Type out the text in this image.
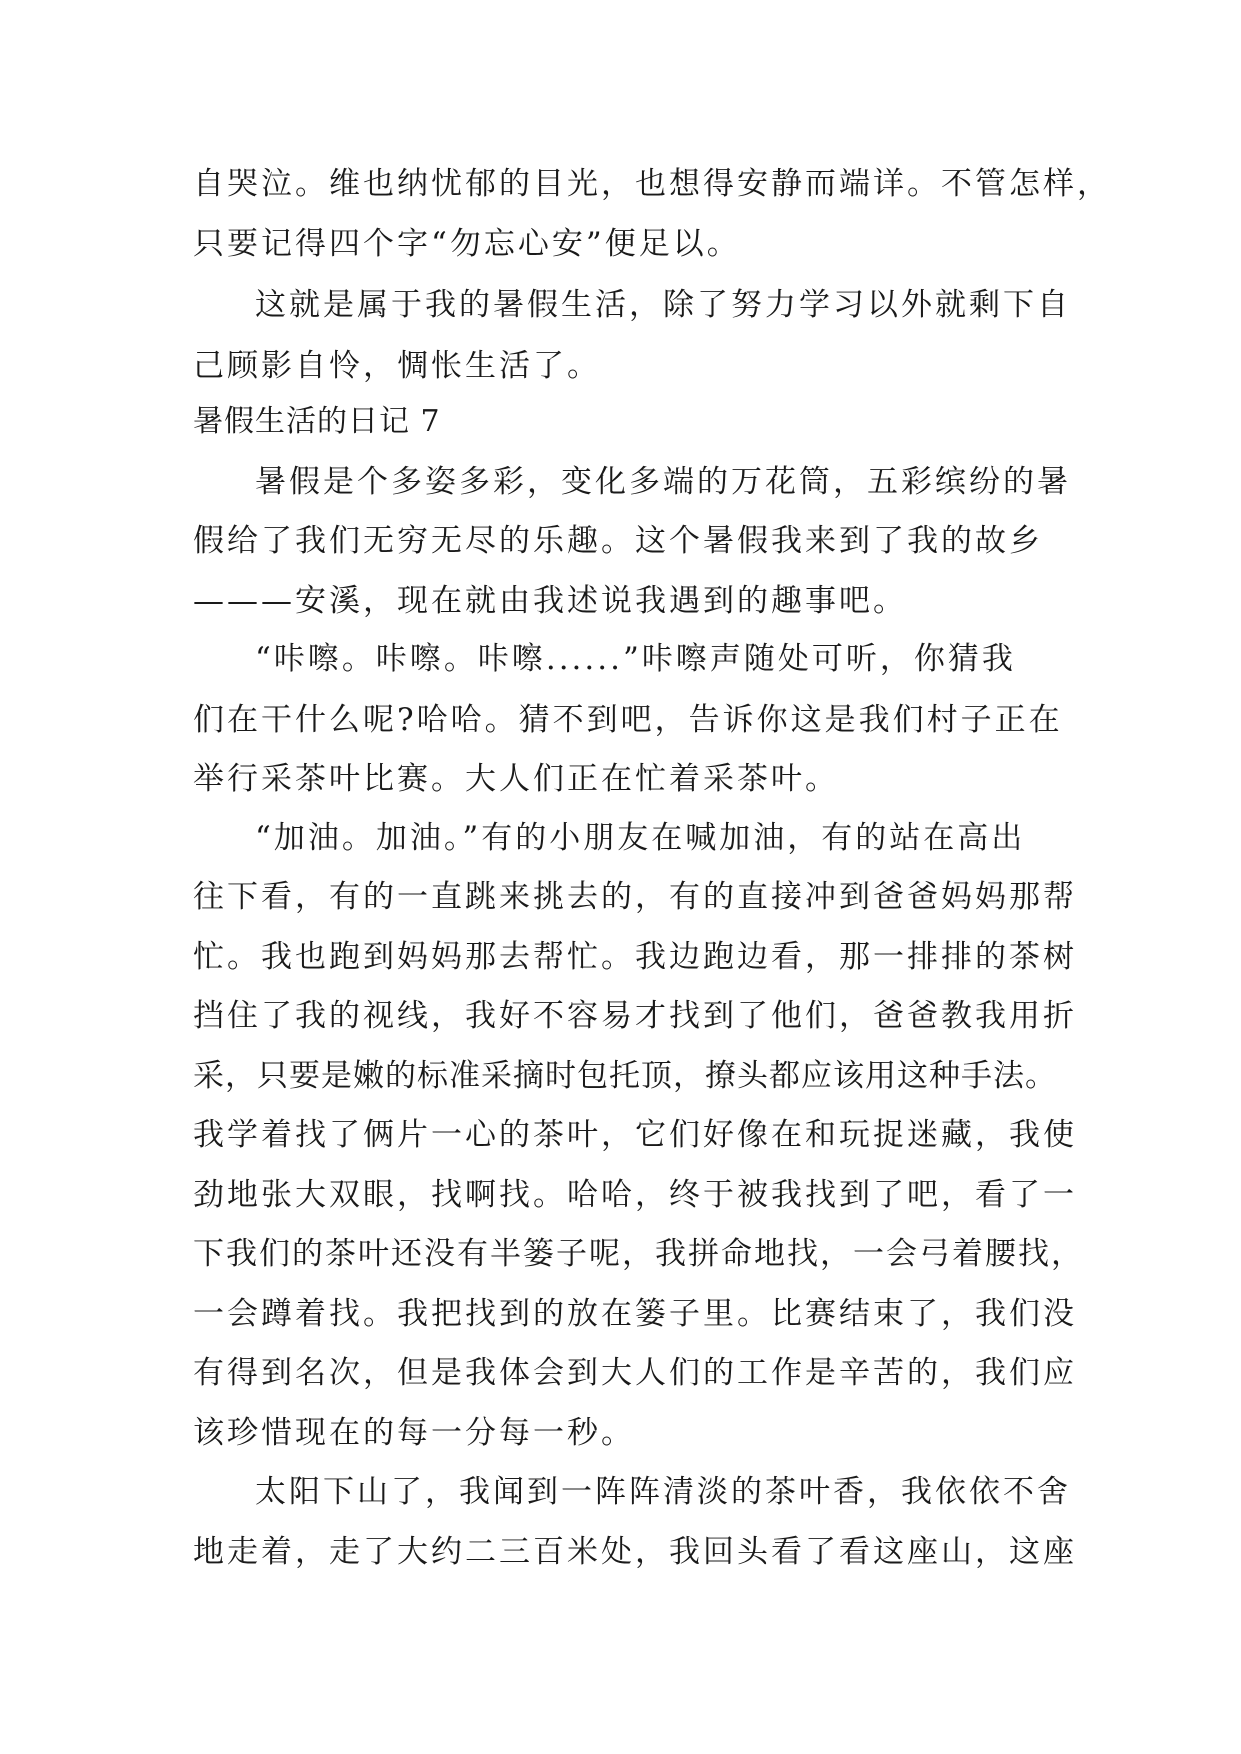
自哭泣。维也纳忧郁的目光，也想得安静而端详。不管怎样，
只要记得四个字“勿忘心安”便足以。
这就是属于我的暑假生活，除了努力学习以外就剩下自
己顾影自怜，惆怅生活了。
暑假生活的日记 7
暑假是个多姿多彩，变化多端的万花筒，五彩缤纷的暑
假给了我们无穷无尽的乐趣。这个暑假我来到了我的故乡
———安溪，现在就由我述说我遇到的趣事吧。
“咔嚓。咔嚓。咔嚓......”咔嚓声随处可听，你猜我
们在干什么呢?哈哈。猜不到吧，告诉你这是我们村子正在
举行采茶叶比赛。大人们正在忙着采茶叶。
“加油。加油。”有的小朋友在喊加油，有的站在高出
往下看，有的一直跳来挑去的，有的直接冲到爸爸妈妈那帮
忙。我也跑到妈妈那去帮忙。我边跑边看，那一排排的茶树
挡住了我的视线，我好不容易才找到了他们，爸爸教我用折
采，只要是嫩的标准采摘时包托顶，撩头都应该用这种手法。
我学着找了俩片一心的茶叶，它们好像在和玩捉迷藏，我使
劲地张大双眼，找啊找。哈哈，终于被我找到了吧，看了一
下我们的茶叶还没有半篓子呢，我拼命地找，一会弓着腰找，
一会蹲着找。我把找到的放在篓子里。比赛结束了，我们没
有得到名次，但是我体会到大人们的工作是辛苦的，我们应
该珍惜现在的每一分每一秒。
太阳下山了，我闻到一阵阵清淡的茶叶香，我依依不舍
地走着，走了大约二三百米处，我回头看了看这座山，这座
